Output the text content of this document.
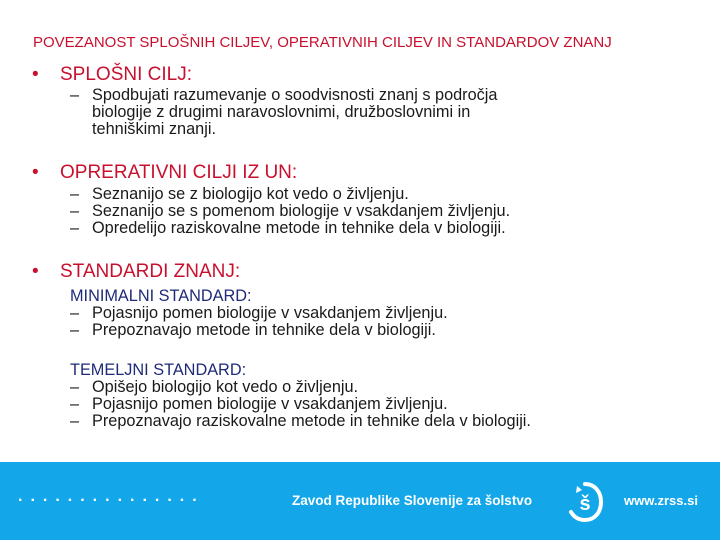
POVEZANOST SPLOŠNIH CILJEV, OPERATIVNIH CILJEV IN STANDARDOV ZNANJ
• SPLOŠNI CILJ:
– Spodbujati razumevanje o soodvisnosti znanj s področja
biologije z drugimi naravoslovnimi, družboslovnimi in
tehniškimi znanji.
• OPRERATIVNI CILJI IZ UN:
– Seznanijo se z biologijo kot vedo o življenju.
– Seznanijo se s pomenom biologije v vsakdanjem življenju.
– Opredelijo raziskovalne metode in tehnike dela v biologiji.
• STANDARDI ZNANJ:
MINIMALNI STANDARD:
– Pojasnijo pomen biologije v vsakdanjem življenju.
– Prepoznavajo metode in tehnike dela v biologiji.
TEMELJNI STANDARD:
– Opišejo biologijo kot vedo o življenju.
– Pojasnijo pomen biologije v vsakdanjem življenju.
– Prepoznavajo raziskovalne metode in tehnike dela v biologiji.
...............	Zavod Republike Slovenije za šolstvo š	www.zrss.si
